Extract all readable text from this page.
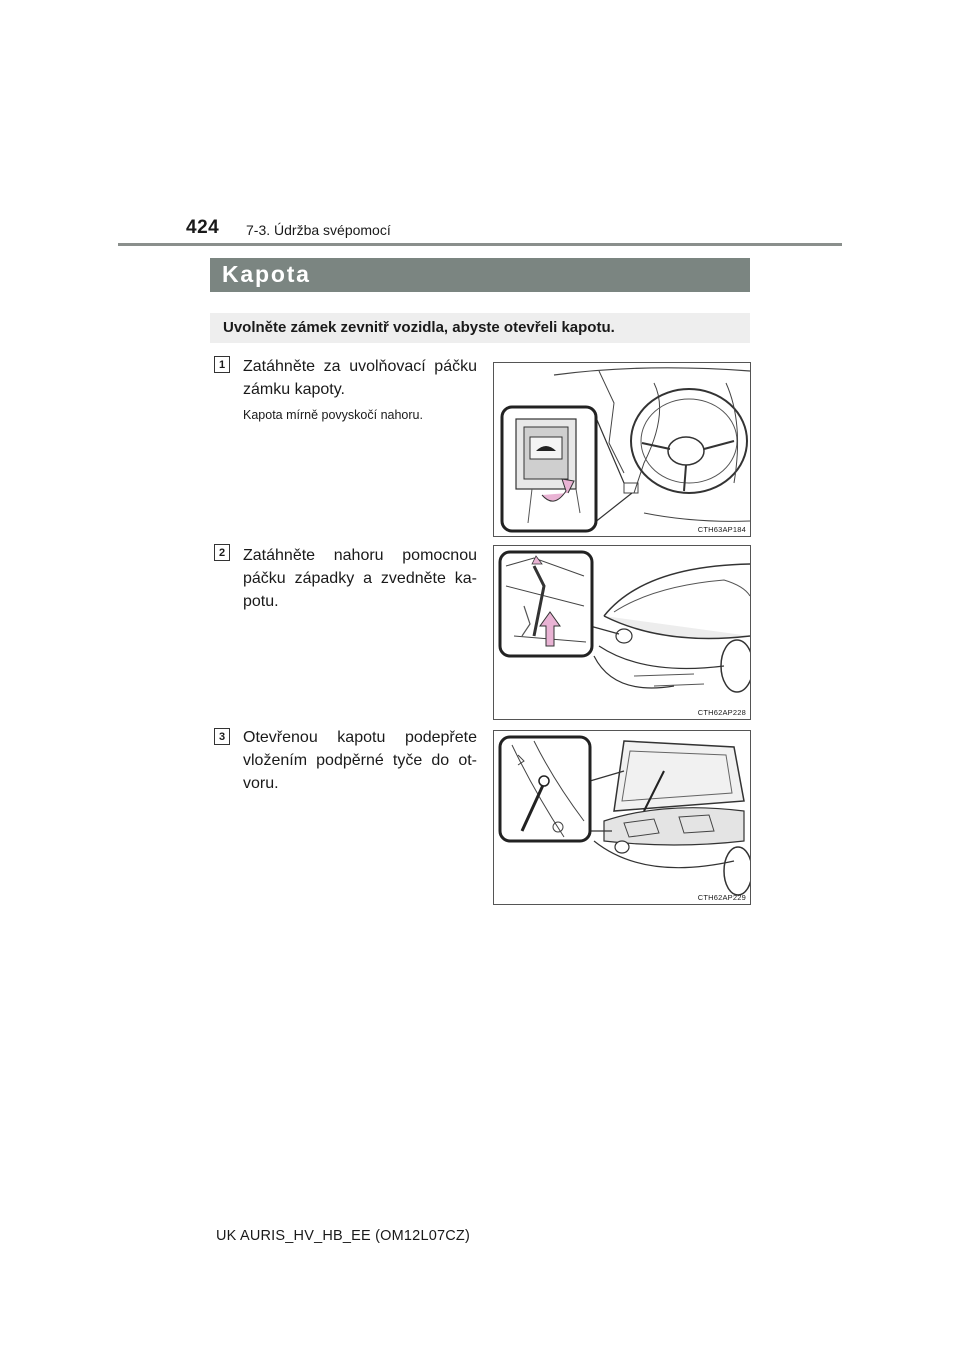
424 7-3. Údržba svépomocí
Kapota
Uvolněte zámek zevnitř vozidla, abyste otevřeli kapotu.
1	Zatáhněte za uvolňovací páčku zámku kapoty.
Kapota mírně povyskočí nahoru.
CTH63AP184
2	Zatáhněte nahoru pomocnou páčku západky a zvedněte ka-potu.
CTH62AP228
3	Otevřenou kapotu podepřete vložením podpěrné tyče do ot-voru.
CTH62AP229
UK AURIS_HV_HB_EE (OM12L07CZ)
